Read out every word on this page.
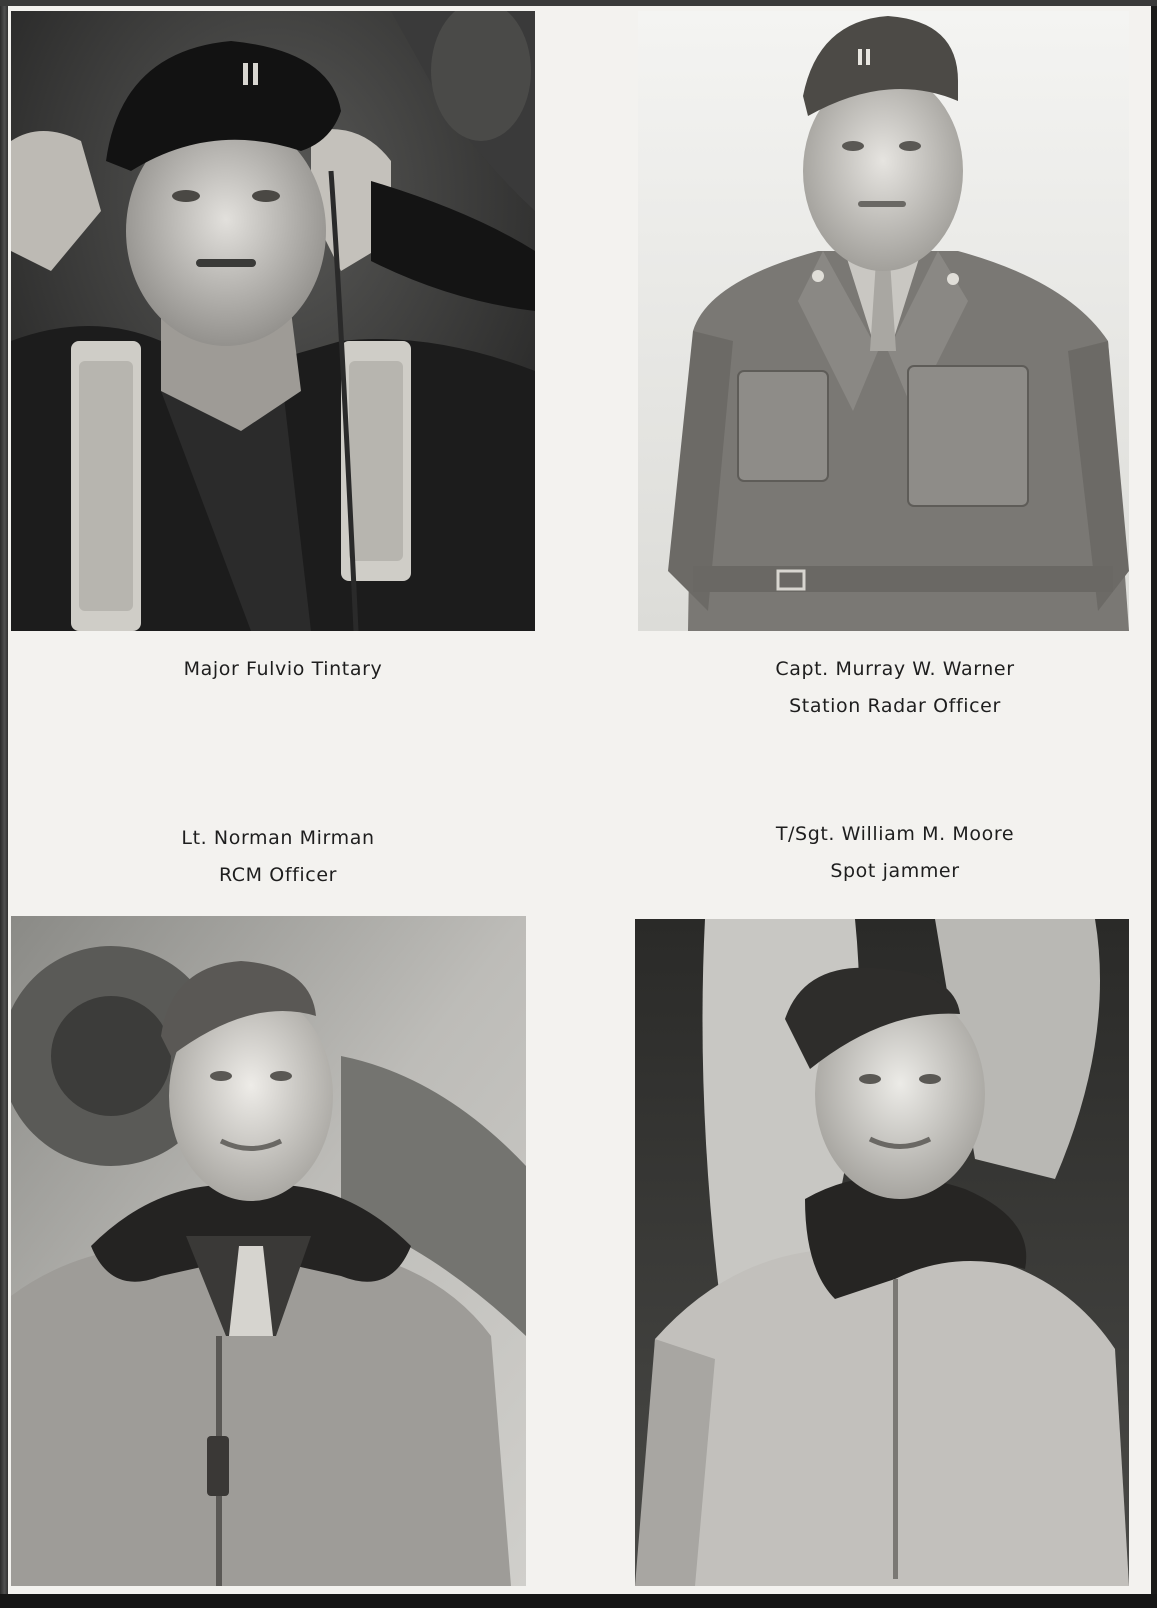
Major Fulvio Tintary	Capt. Murray W. Warner
Station Radar Officer
Lt. Norman Mirman
RCM Officer
T/Sgt. William M. Moore
Spot jammer
